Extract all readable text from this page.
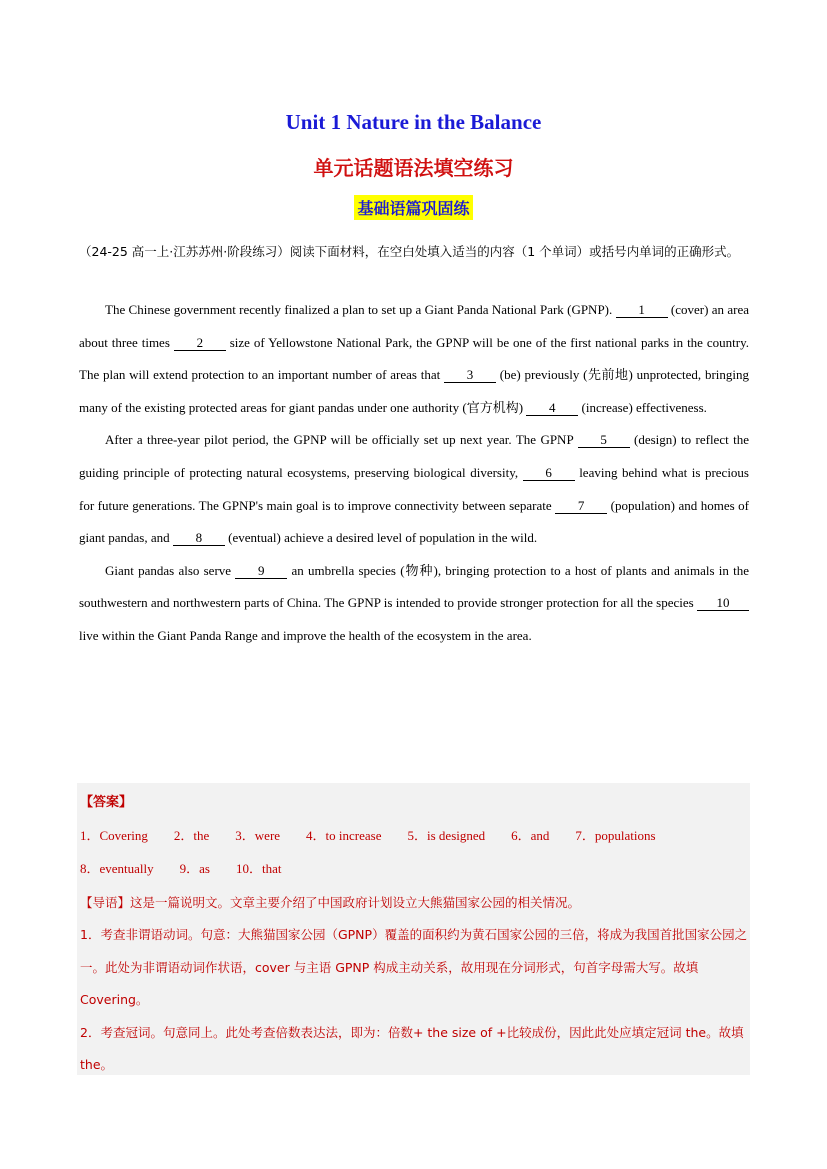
Unit 1 Nature in the Balance
单元话题语法填空练习
基础语篇巩固练
（24-25 高一上·江苏苏州·阶段练习）阅读下面材料，在空白处填入适当的内容（1 个单词）或括号内单词的正确形式。

The Chinese government recently finalized a plan to set up a Giant Panda National Park (GPNP). 1 (cover) an area about three times 2 size of Yellowstone National Park, the GPNP will be one of the first national parks in the country. The plan will extend protection to an important number of areas that 3 (be) previously (先前地) unprotected, bringing many of the existing protected areas for giant pandas under one authority (官方机构) 4 (increase) effectiveness.

After a three-year pilot period, the GPNP will be officially set up next year. The GPNP 5 (design) to reflect the guiding principle of protecting natural ecosystems, preserving biological diversity, 6 leaving behind what is precious for future generations. The GPNP's main goal is to improve connectivity between separate 7 (population) and homes of giant pandas, and 8 (eventual) achieve a desired level of population in the wild.

Giant pandas also serve 9 an umbrella species (物种), bringing protection to a host of plants and animals in the southwestern and northwestern parts of China. The GPNP is intended to provide stronger protection for all the species 10 live within the Giant Panda Range and improve the health of the ecosystem in the area.

【答案】
1．Covering 2．the 3．were 4．to increase 5．is designed 6．and 7．populations
8．eventually 9．as 10．that
【导语】这是一篇说明文。文章主要介绍了中国政府计划设立大熊猫国家公园的相关情况。
1．考查非谓语动词。句意：大熊猫国家公园（GPNP）覆盖的面积约为黄石国家公园的三倍，将成为我国首批国家公园之一。此处为非谓语动词作状语，cover 与主语 GPNP 构成主动关系，故用现在分词形式，句首字母需大写。故填 Covering。
2．考查冠词。句意同上。此处考查倍数表达法，即为：倍数+ the size of +比较成份，因此此处应填定冠词 the。故填 the。
